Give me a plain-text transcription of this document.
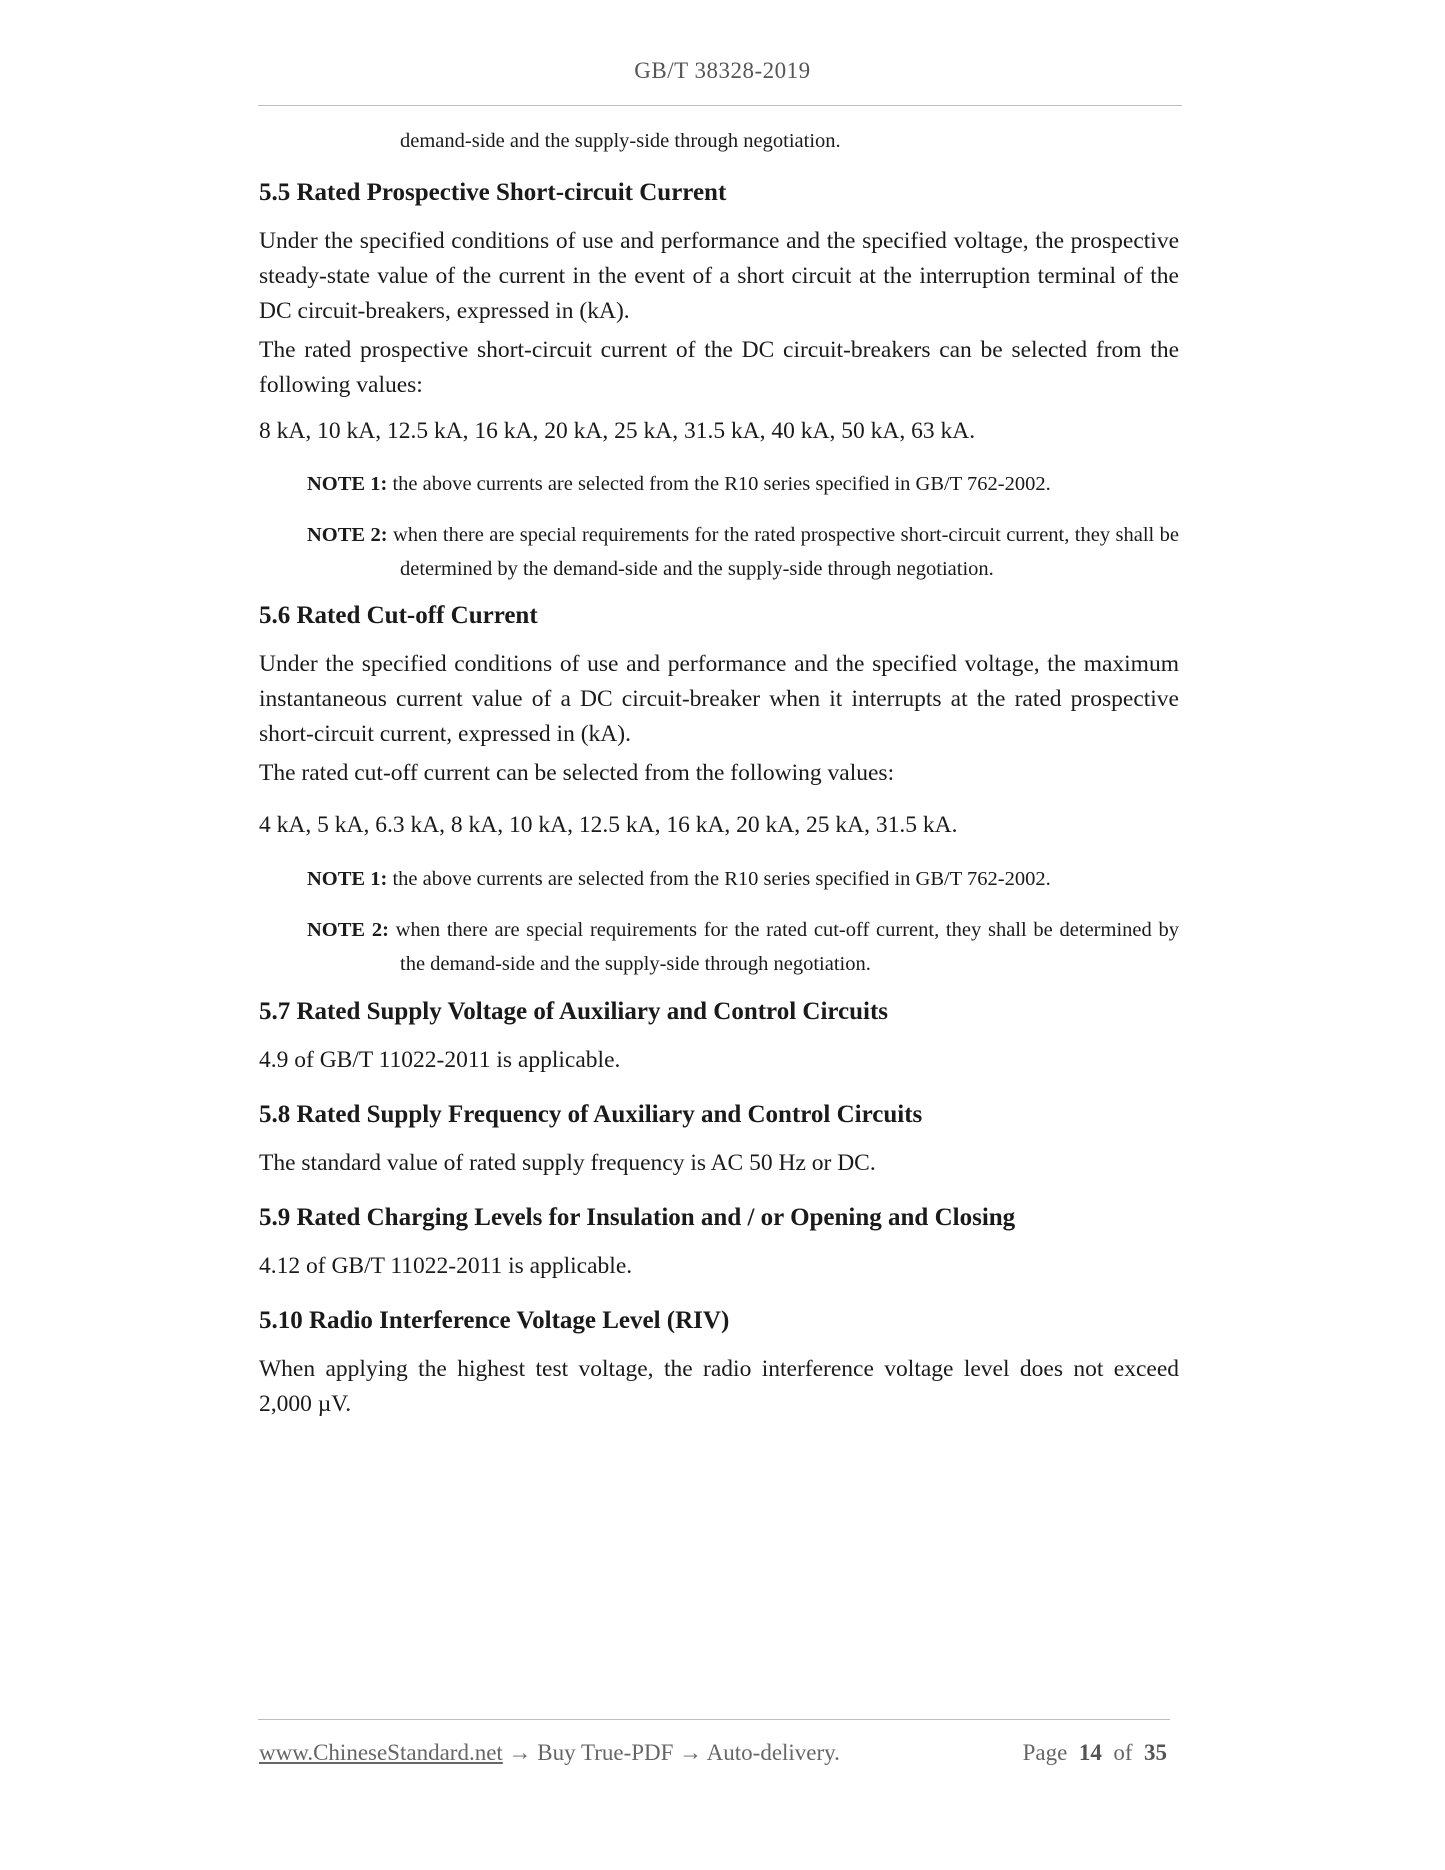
GB/T 38328-2019
demand-side and the supply-side through negotiation.
5.5 Rated Prospective Short-circuit Current
Under the specified conditions of use and performance and the specified voltage, the prospective steady-state value of the current in the event of a short circuit at the interruption terminal of the DC circuit-breakers, expressed in (kA).
The rated prospective short-circuit current of the DC circuit-breakers can be selected from the following values:
8 kA, 10 kA, 12.5 kA, 16 kA, 20 kA, 25 kA, 31.5 kA, 40 kA, 50 kA, 63 kA.
NOTE 1: the above currents are selected from the R10 series specified in GB/T 762-2002.
NOTE 2: when there are special requirements for the rated prospective short-circuit current, they shall be determined by the demand-side and the supply-side through negotiation.
5.6 Rated Cut-off Current
Under the specified conditions of use and performance and the specified voltage, the maximum instantaneous current value of a DC circuit-breaker when it interrupts at the rated prospective short-circuit current, expressed in (kA).
The rated cut-off current can be selected from the following values:
4 kA, 5 kA, 6.3 kA, 8 kA, 10 kA, 12.5 kA, 16 kA, 20 kA, 25 kA, 31.5 kA.
NOTE 1: the above currents are selected from the R10 series specified in GB/T 762-2002.
NOTE 2: when there are special requirements for the rated cut-off current, they shall be determined by the demand-side and the supply-side through negotiation.
5.7 Rated Supply Voltage of Auxiliary and Control Circuits
4.9 of GB/T 11022-2011 is applicable.
5.8 Rated Supply Frequency of Auxiliary and Control Circuits
The standard value of rated supply frequency is AC 50 Hz or DC.
5.9 Rated Charging Levels for Insulation and / or Opening and Closing
4.12 of GB/T 11022-2011 is applicable.
5.10 Radio Interference Voltage Level (RIV)
When applying the highest test voltage, the radio interference voltage level does not exceed 2,000 µV.
www.ChineseStandard.net → Buy True-PDF → Auto-delivery.	Page 14 of 35
